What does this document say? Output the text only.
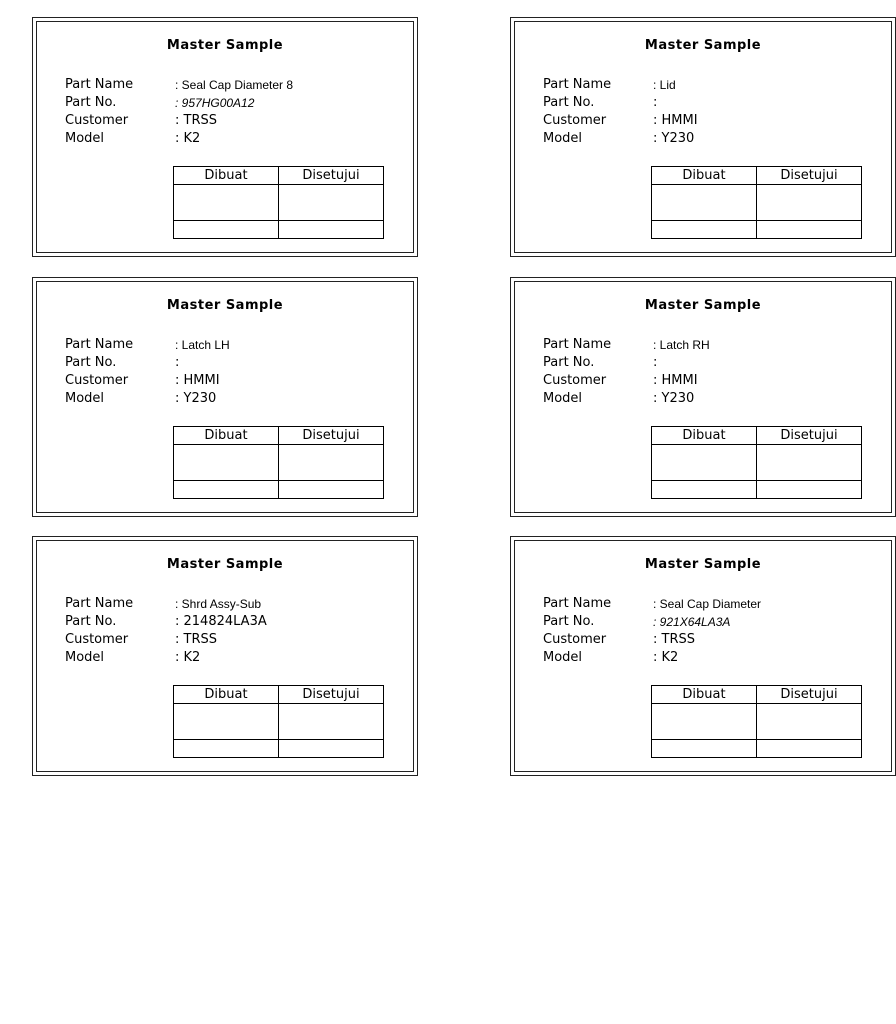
Master Sample
Part Name	: Seal Cap Diameter 8
Part No.	: 957HG00A12
Customer	: TRSS
Model	: K2
Dibuat	Disetujui

Master Sample
Part Name	: Lid
Part No.	:
Customer	: HMMI
Model	: Y230
Dibuat	Disetujui

Master Sample
Part Name	: Latch LH
Part No.	:
Customer	: HMMI
Model	: Y230
Dibuat	Disetujui

Master Sample
Part Name	: Latch RH
Part No.	:
Customer	: HMMI
Model	: Y230
Dibuat	Disetujui

Master Sample
Part Name	: Shrd Assy-Sub
Part No.	: 214824LA3A
Customer	: TRSS
Model	: K2
Dibuat	Disetujui

Master Sample
Part Name	: Seal Cap Diameter
Part No.	: 921X64LA3A
Customer	: TRSS
Model	: K2
Dibuat	Disetujui
